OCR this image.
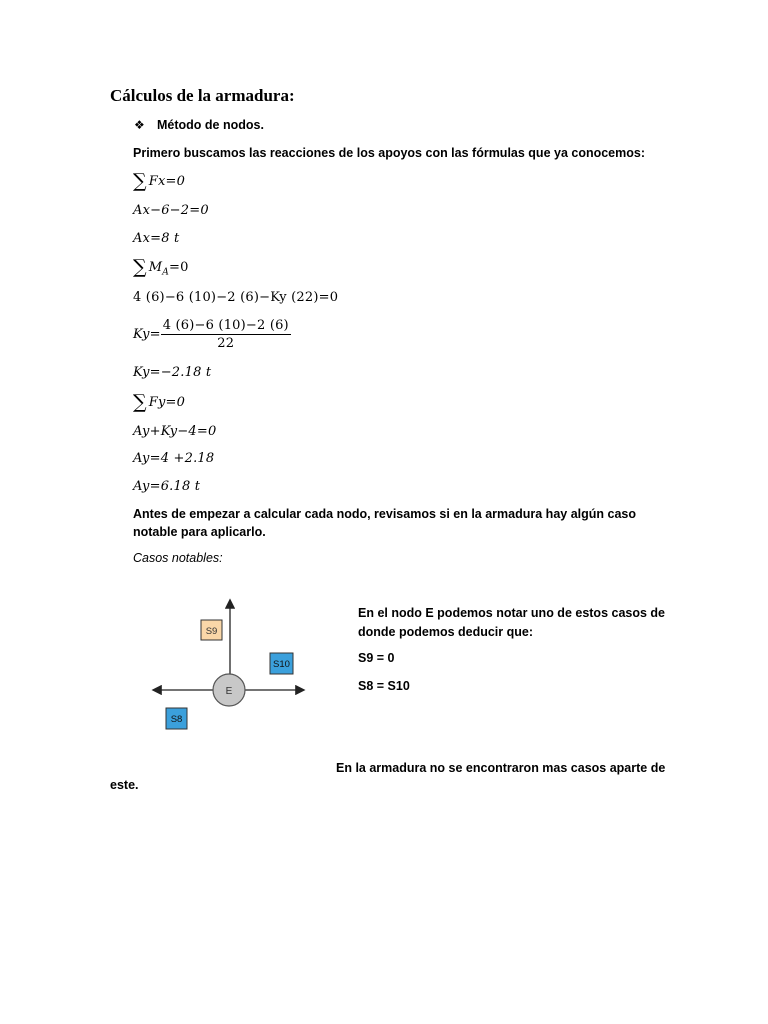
Cálculos de la armadura:
❖ Método de nodos.
Primero buscamos las reacciones de los apoyos con las fórmulas que ya conocemos:
∑ Fx=0
Ax−6−2=0
Ax=8 t
∑ $M_A=0$
4 (6)−6 (10)−2 (6)−Ky (22)=0
$Ky= \frac{4 (6)-6 (10)-2 (6)}{22}$
Ky=−2.18 t
∑ Fy=0
Ay+Ky−4=0
Ay=4 +2.18
Ay=6.18 t
Antes de empezar a calcular cada nodo, revisamos si en la armadura hay algún caso
notable para aplicarlo.
Casos notables:
E
S9
S10
S8
En el nodo E podemos notar uno de estos casos de
donde podemos deducir que:
S9 = 0
S8 = S10
En la armadura no se encontraron mas casos aparte de
este.
